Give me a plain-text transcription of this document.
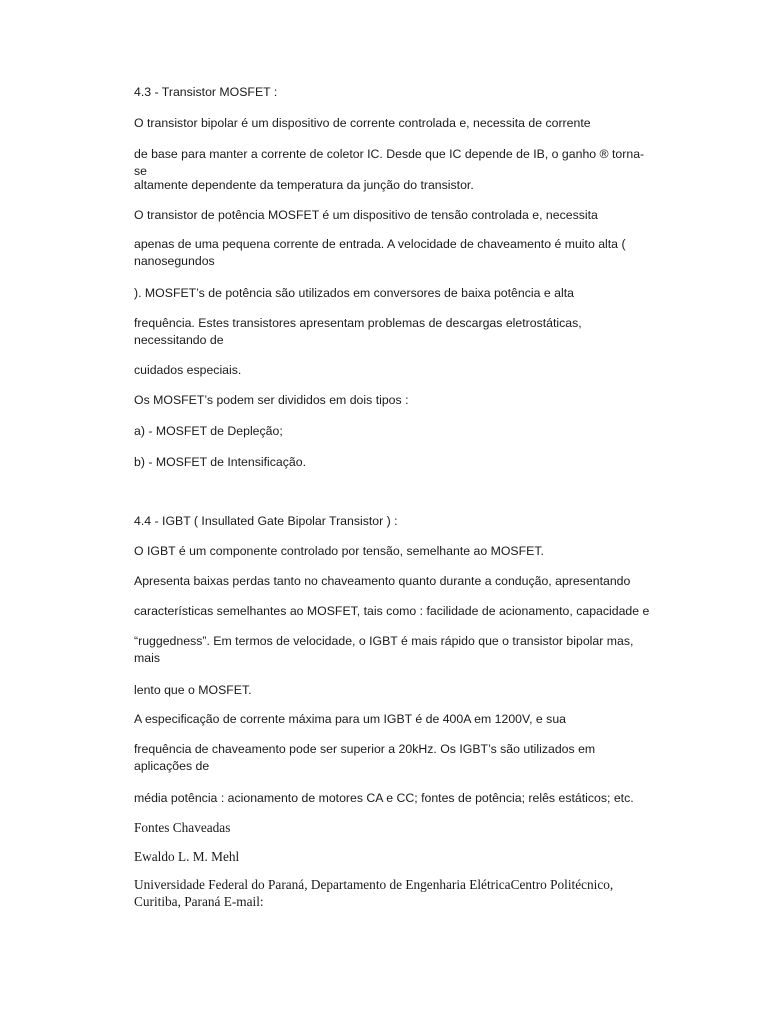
4.3 - Transistor MOSFET :
O transistor bipolar é um dispositivo de corrente controlada e, necessita de corrente
de base para manter a corrente de coletor IC. Desde que IC depende de IB, o ganho ® torna-se
altamente dependente da temperatura da junção do transistor.
O transistor de potência MOSFET é um dispositivo de tensão controlada e, necessita
apenas de uma pequena corrente de entrada. A velocidade de chaveamento é muito alta ( nanosegundos
). MOSFET’s de potência são utilizados em conversores de baixa potência e alta
frequência. Estes transistores apresentam problemas de descargas eletrostáticas, necessitando de
cuidados especiais.
Os MOSFET’s podem ser divididos em dois tipos :
a) - MOSFET de Depleção;
b) - MOSFET de Intensificação.
4.4 - IGBT ( Insullated Gate Bipolar Transistor ) :
O IGBT é um componente controlado por tensão, semelhante ao MOSFET.
Apresenta baixas perdas tanto no chaveamento quanto durante a condução, apresentando
características semelhantes ao MOSFET, tais como : facilidade de acionamento, capacidade e
“ruggedness”. Em termos de velocidade, o IGBT é mais rápido que o transistor bipolar mas, mais
lento que o MOSFET.
A especificação de corrente máxima para um IGBT é de 400A em 1200V, e sua
frequência de chaveamento pode ser superior a 20kHz. Os IGBT’s são utilizados em aplicações de
média potência : acionamento de motores CA e CC; fontes de potência; relês estáticos; etc.
Fontes Chaveadas
Ewaldo L. M. Mehl
Universidade Federal do Paraná, Departamento de Engenharia ElétricaCentro Politécnico, Curitiba, Paraná E-mail:
